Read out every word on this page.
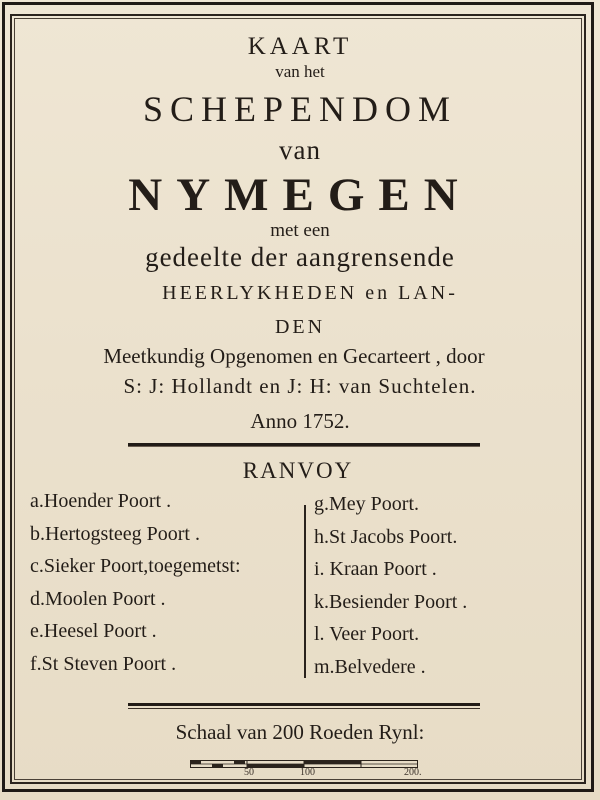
KAART
van het
SCHEPENDOM
van
NYMEGEN
met een
gedeelte der aangrensende
HEERLYKHEDEN en LAN-
DEN
Meetkundig Opgenomen en Gecarteert , door
S: J: Hollandt en J: H: van Suchtelen.
Anno 1752.
RANVOY
a.Hoender Poort .
b.Hertogsteeg Poort .
c.Sieker Poort,toegemetst:
d.Moolen Poort .
e.Heesel Poort .
f.St Steven Poort .
g.Mey Poort.
h.St Jacobs Poort.
i. Kraan Poort .
k.Besiender Poort .
l. Veer Poort.
m.Belvedere .
Schaal van 200 Roeden Rynl:
50	100	200.
